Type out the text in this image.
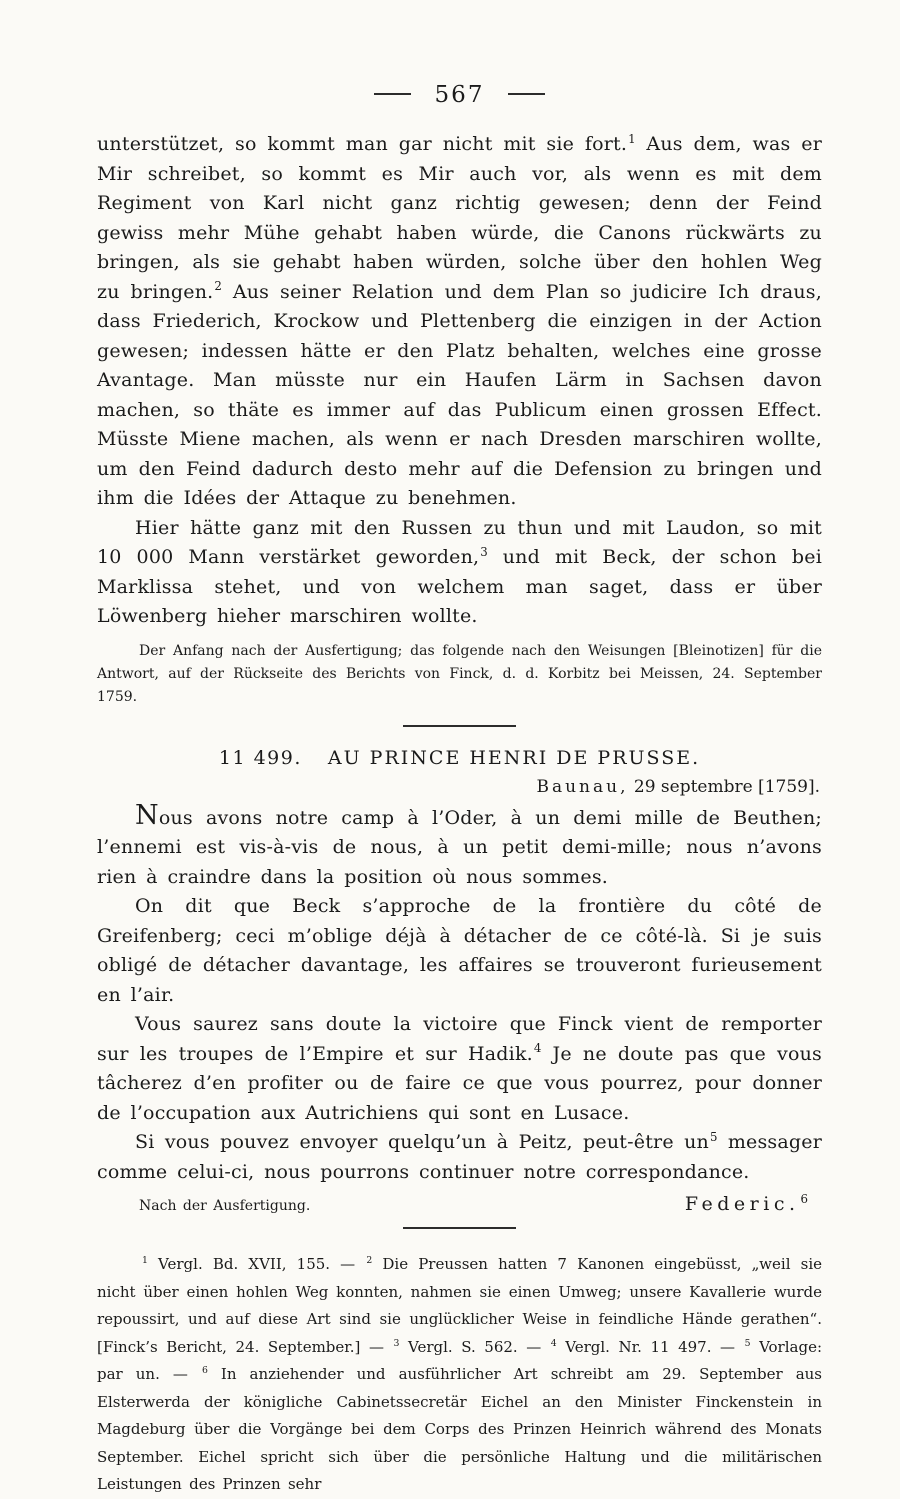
567

unterstützet, so kommt man gar nicht mit sie fort.$^1$ Aus dem, was er Mir schreibet, so kommt es Mir auch vor, als wenn es mit dem Regiment von Karl nicht ganz richtig gewesen; denn der Feind gewiss mehr Mühe gehabt haben würde, die Canons rückwärts zu bringen, als sie gehabt haben würden, solche über den hohlen Weg zu bringen.$^2$ Aus seiner Relation und dem Plan so judicire Ich draus, dass Friederich, Krockow und Plettenberg die einzigen in der Action gewesen; indessen hätte er den Platz behalten, welches eine grosse Avantage. Man müsste nur ein Haufen Lärm in Sachsen davon machen, so thäte es immer auf das Publicum einen grossen Effect. Müsste Miene machen, als wenn er nach Dresden marschiren wollte, um den Feind dadurch desto mehr auf die Defension zu bringen und ihm die Idées der Attaque zu benehmen.

Hier hätte ganz mit den Russen zu thun und mit Laudon, so mit 10 000 Mann verstärket geworden,$^3$ und mit Beck, der schon bei Marklissa stehet, und von welchem man saget, dass er über Löwenberg hieher marschiren wollte.

Der Anfang nach der Ausfertigung; das folgende nach den Weisungen [Bleinotizen] für die Antwort, auf der Rückseite des Berichts von Finck, d. d. Korbitz bei Meissen, 24. September 1759.

11 499. AU PRINCE HENRI DE PRUSSE.
Baunau, 29 septembre [1759].

Nous avons notre camp à l’Oder, à un demi mille de Beuthen; l’ennemi est vis-à-vis de nous, à un petit demi-mille; nous n’avons rien à craindre dans la position où nous sommes.

On dit que Beck s’approche de la frontière du côté de Greifenberg; ceci m’oblige déjà à détacher de ce côté-là. Si je suis obligé de détacher davantage, les affaires se trouveront furieusement en l’air.

Vous saurez sans doute la victoire que Finck vient de remporter sur les troupes de l’Empire et sur Hadik.$^4$ Je ne doute pas que vous tâcherez d’en profiter ou de faire ce que vous pourrez, pour donner de l’occupation aux Autrichiens qui sont en Lusace.

Si vous pouvez envoyer quelqu’un à Peitz, peut-être un$^5$ messager comme celui-ci, nous pourrons continuer notre correspondance.

Nach der Ausfertigung.	Federic.$^6$

$^1$ Vergl. Bd. XVII, 155. — $^2$ Die Preussen hatten 7 Kanonen eingebüsst, „weil sie nicht über einen hohlen Weg konnten, nahmen sie einen Umweg; unsere Kavallerie wurde repoussirt, und auf diese Art sind sie unglücklicher Weise in feindliche Hände gerathen“. [Finck’s Bericht, 24. September.] — $^3$ Vergl. S. 562. — $^4$ Vergl. Nr. 11 497. — $^5$ Vorlage: par un. — $^6$ In anziehender und ausführlicher Art schreibt am 29. September aus Elsterwerda der königliche Cabinetssecretär Eichel an den Minister Finckenstein in Magdeburg über die Vorgänge bei dem Corps des Prinzen Heinrich während des Monats September. Eichel spricht sich über die persönliche Haltung und die militärischen Leistungen des Prinzen sehr
